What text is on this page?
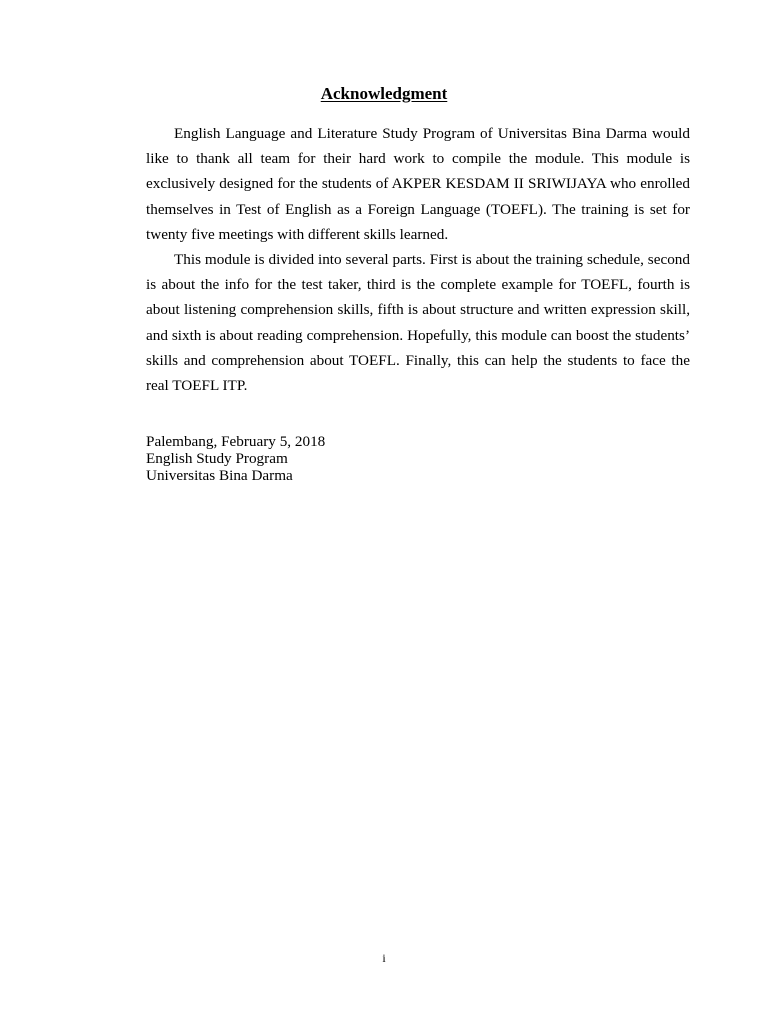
Acknowledgment

English Language and Literature Study Program of Universitas Bina Darma would like to thank all team for their hard work to compile the module. This module is exclusively designed for the students of AKPER KESDAM II SRIWIJAYA who enrolled themselves in Test of English as a Foreign Language (TOEFL). The training is set for twenty five meetings with different skills learned.

This module is divided into several parts. First is about the training schedule, second is about the info for the test taker, third is the complete example for TOEFL, fourth is about listening comprehension skills, fifth is about structure and written expression skill, and sixth is about reading comprehension. Hopefully, this module can boost the students’ skills and comprehension about TOEFL. Finally, this can help the students to face the real TOEFL ITP.

Palembang, February 5, 2018
English Study Program
Universitas Bina Darma
i
